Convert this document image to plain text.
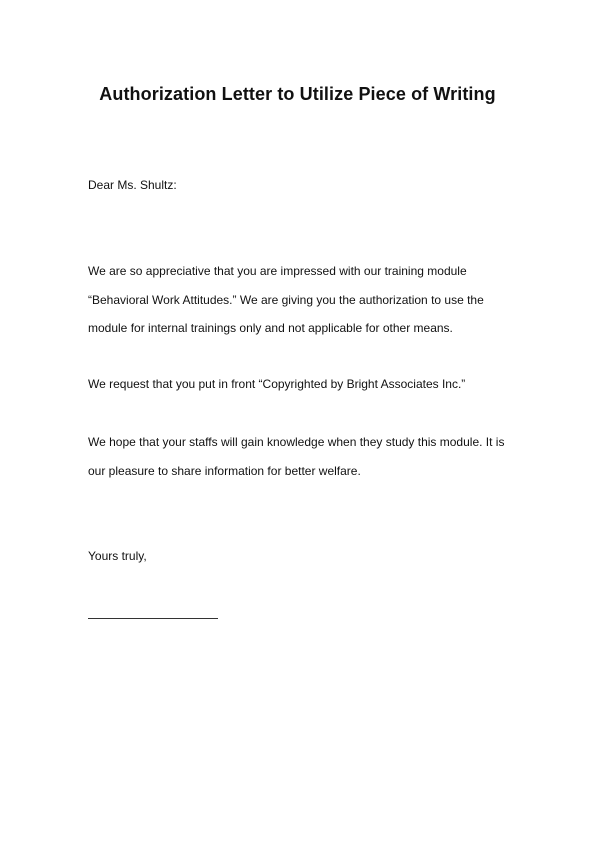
Authorization Letter to Utilize Piece of Writing

Dear Ms. Shultz:

We are so appreciative that you are impressed with our training module
“Behavioral Work Attitudes.” We are giving you the authorization to use the
module for internal trainings only and not applicable for other means.

We request that you put in front “Copyrighted by Bright Associates Inc.”

We hope that your staffs will gain knowledge when they study this module. It is
our pleasure to share information for better welfare.

Yours truly,
